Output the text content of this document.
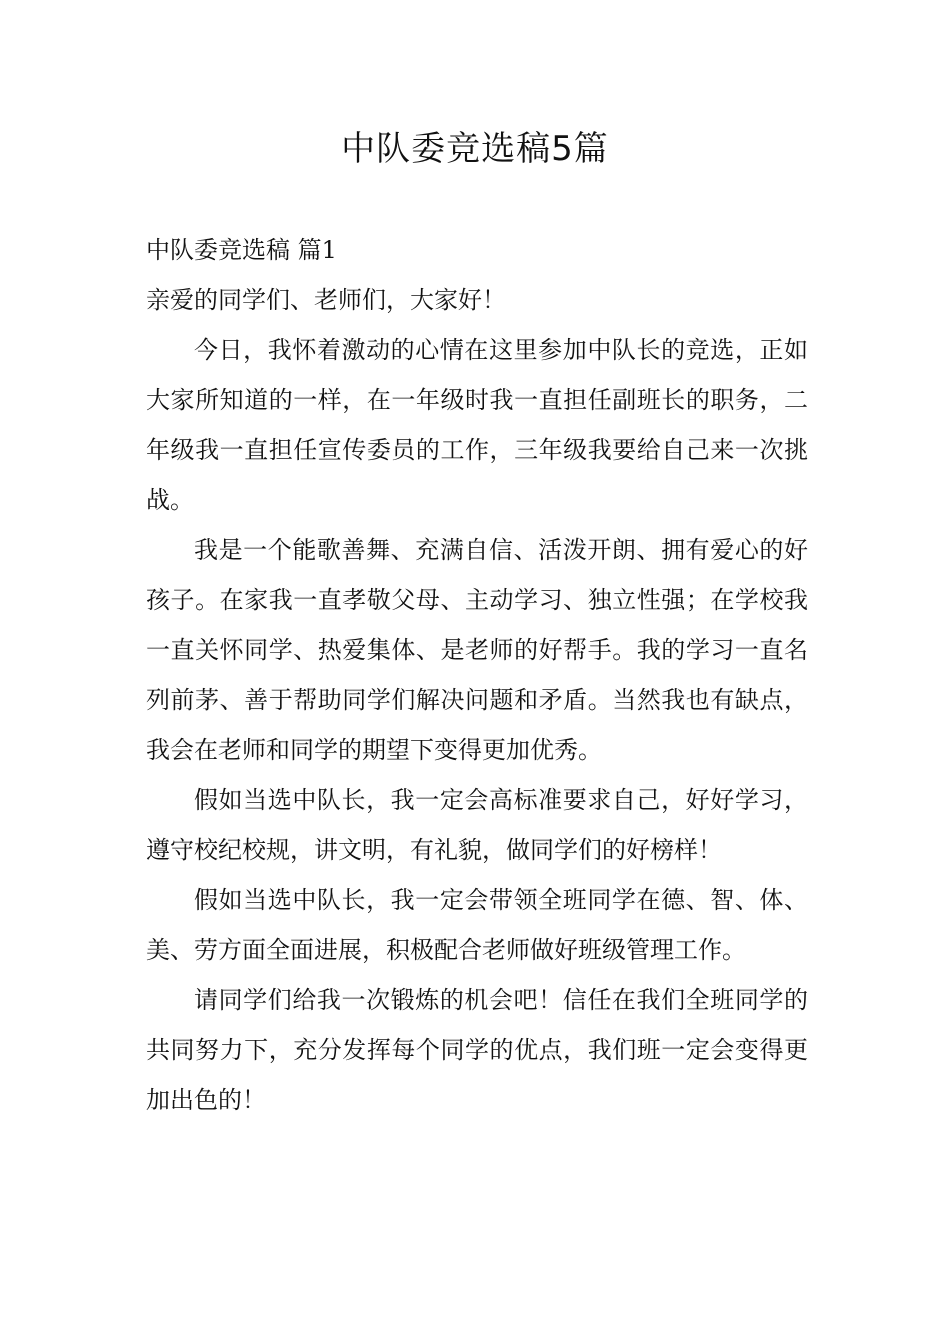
中队委竞选稿5篇

中队委竞选稿 篇1

亲爱的同学们、老师们，大家好！

今日，我怀着激动的心情在这里参加中队长的竞选，正如大家所知道的一样，在一年级时我一直担任副班长的职务，二年级我一直担任宣传委员的工作，三年级我要给自己来一次挑战。

我是一个能歌善舞、充满自信、活泼开朗、拥有爱心的好孩子。在家我一直孝敬父母、主动学习、独立性强；在学校我一直关怀同学、热爱集体、是老师的好帮手。我的学习一直名列前茅、善于帮助同学们解决问题和矛盾。当然我也有缺点，我会在老师和同学的期望下变得更加优秀。

假如当选中队长，我一定会高标准要求自己，好好学习，遵守校纪校规，讲文明，有礼貌，做同学们的好榜样！

假如当选中队长，我一定会带领全班同学在德、智、体、美、劳方面全面进展，积极配合老师做好班级管理工作。

请同学们给我一次锻炼的机会吧！信任在我们全班同学的共同努力下，充分发挥每个同学的优点，我们班一定会变得更加出色的！
